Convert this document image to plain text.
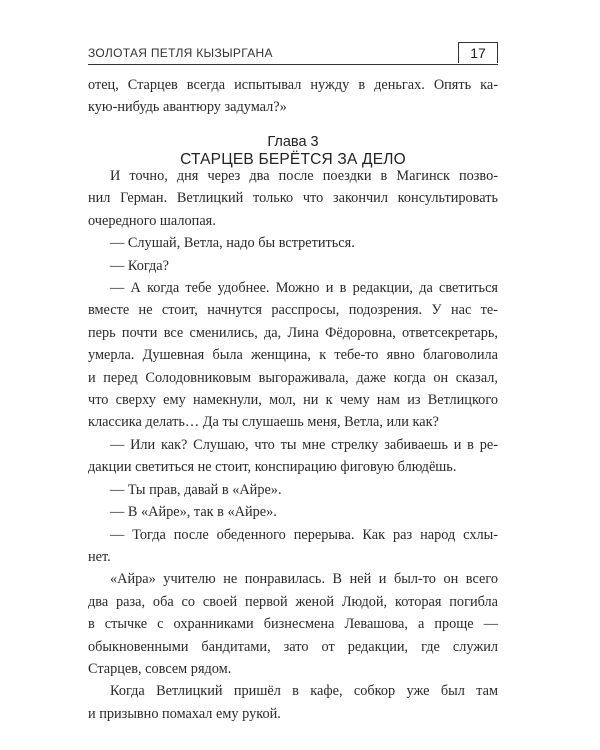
ЗОЛОТАЯ ПЕТЛЯ КЫЗЫРГАНА	17
отец, Старцев всегда испытывал нужду в деньгах. Опять ка-
кую-нибудь авантюру задумал?»
Глава 3
СТАРЦЕВ БЕРЁТСЯ ЗА ДЕЛО
И точно, дня через два после поездки в Магинск позво-
нил Герман. Ветлицкий только что закончил консультировать
очередного шалопая.
— Слушай, Ветла, надо бы встретиться.
— Когда?
— А когда тебе удобнее. Можно и в редакции, да светиться
вместе не стоит, начнутся расспросы, подозрения. У нас те-
перь почти все сменились, да, Лина Фёдоровна, ответсекретарь,
умерла. Душевная была женщина, к тебе-то явно благоволила
и перед Солодовниковым выгораживала, даже когда он сказал,
что сверху ему намекнули, мол, ни к чему нам из Ветлицкого
классика делать… Да ты слушаешь меня, Ветла, или как?
— Или как? Слушаю, что ты мне стрелку забиваешь и в ре-
дакции светиться не стоит, конспирацию фиговую блюдёшь.
— Ты прав, давай в «Айре».
— В «Айре», так в «Айре».
— Тогда после обеденного перерыва. Как раз народ схлы-
нет.
«Айра» учителю не понравилась. В ней и был-то он всего
два раза, оба со своей первой женой Людой, которая погибла
в стычке с охранниками бизнесмена Левашова, а проще —
обыкновенными бандитами, зато от редакции, где служил
Старцев, совсем рядом.
Когда Ветлицкий пришёл в кафе, собкор уже был там
и призывно помахал ему рукой.
